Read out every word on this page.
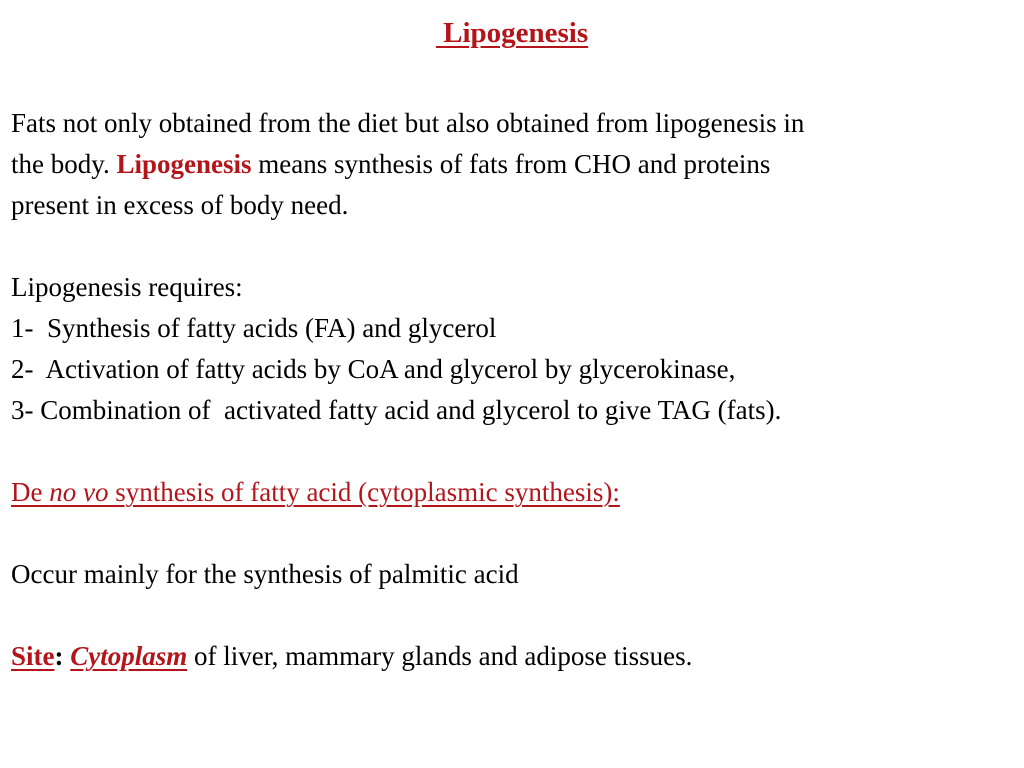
Lipogenesis
Fats not only obtained from the diet but also obtained from lipogenesis in
the body. Lipogenesis means synthesis of fats from CHO and proteins
present in excess of body need.
Lipogenesis requires:
1-  Synthesis of fatty acids (FA) and glycerol
2-  Activation of fatty acids by CoA and glycerol by glycerokinase,
3- Combination of  activated fatty acid and glycerol to give TAG (fats).
De no vo synthesis of fatty acid (cytoplasmic synthesis):
Occur mainly for the synthesis of palmitic acid
Site: Cytoplasm of liver, mammary glands and adipose tissues.
